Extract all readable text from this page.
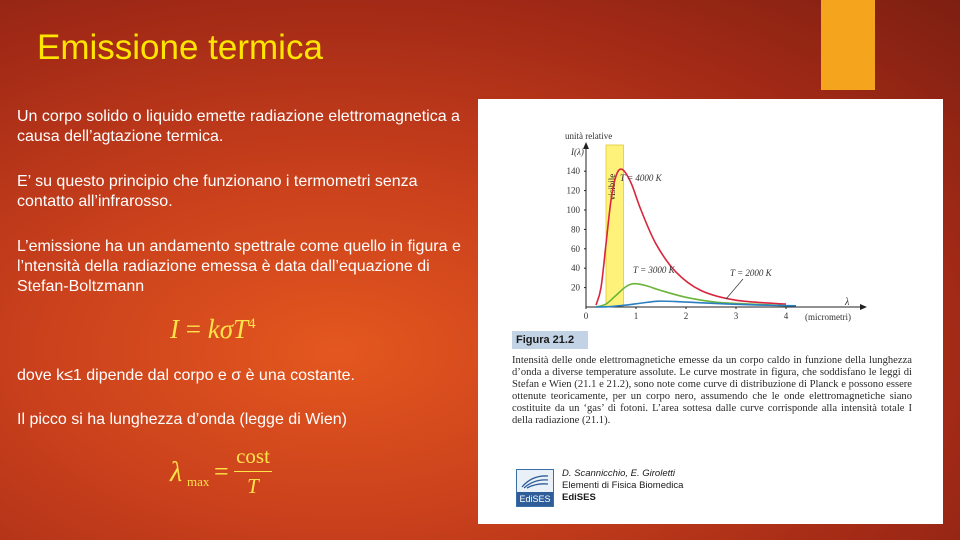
Emissione termica
Un corpo solido o liquido emette radiazione elettromagnetica a causa dell’agtazione termica.
E’ su questo principio che funzionano i termometri senza contatto all’infrarosso.
L’emissione ha un andamento spettrale come quello in figura e l’ntensità della radiazione emessa è data dall’equazione di Stefan-Boltzmann
I = kσT$^4$
dove k≤1 dipende dal corpo e σ è una costante.
Il picco si ha lunghezza d’onda (legge di Wien)
λ max =
cost
T
visibile
unità relative
I(λ)
λ
(micrometri)
20
40
60
80
100
120
140
0	1	2	3	4
T = 4000 K
T = 3000 K	T = 2000 K
Figura 21.2
Intensità delle onde elettromagnetiche emesse da un corpo caldo in funzione della lunghezza d’onda a diverse temperature assolute. Le curve mostrate in figura, che soddisfano le leggi di Stefan e Wien (21.1 e 21.2), sono note come curve di distribuzione di Planck e possono essere ottenute teoricamente, per un corpo nero, assumendo che le onde elettromagnetiche siano costituite da un ‘gas’ di fotoni. L’area sottesa dalle curve corrisponde alla intensità totale I della radiazione (21.1).
EdiSES
D. Scannicchio, E. Giroletti
Elementi di Fisica Biomedica
EdiSES
